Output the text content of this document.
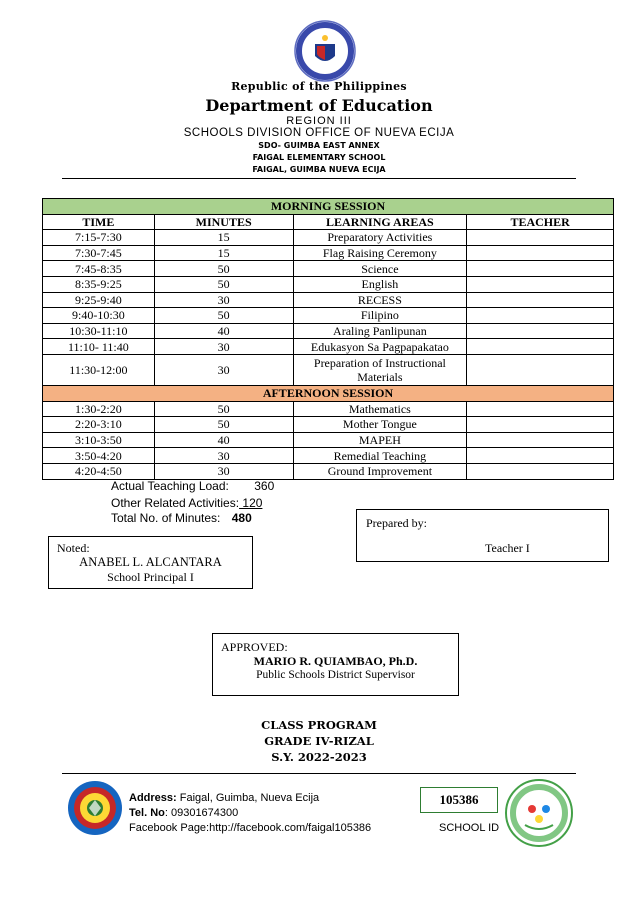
Republic of the Philippines
Department of Education
REGION III
SCHOOLS DIVISION OFFICE OF NUEVA ECIJA
SDO- GUIMBA EAST ANNEX
FAIGAL ELEMENTARY SCHOOL
FAIGAL, GUIMBA NUEVA ECIJA
MORNING SESSION			
TIME	MINUTES	LEARNING AREAS	TEACHER
7:15-7:30	15	Preparatory Activities	
7:30-7:45	15	Flag Raising Ceremony	
7:45-8:35	50	Science	
8:35-9:25	50	English	
9:25-9:40	30	RECESS	
9:40-10:30	50	Filipino	
10:30-11:10	40	Araling Panlipunan	
11:10- 11:40	30	Edukasyon Sa Pagpapakatao	
11:30-12:00	30	Preparation of Instructional Materials	
AFTERNOON SESSION			
1:30-2:20	50	Mathematics	
2:20-3:10	50	Mother Tongue	
3:10-3:50	40	MAPEH	
3:50-4:20	30	Remedial Teaching	
4:20-4:50	30	Ground Improvement	
Actual Teaching Load: 360
Other Related Activities: 120
Total No. of Minutes: 480	Prepared by:
Teacher I
Noted:
ANABEL L. ALCANTARA
School Principal I
APPROVED:
MARIO R. QUIAMBAO, Ph.D.
Public Schools District Supervisor
CLASS PROGRAM
GRADE IV-RIZAL
S.Y. 2022-2023
Address: Faigal, Guimba, Nueva Ecija
Tel. No: 09301674300
Facebook Page:http://facebook.com/faigal105386
105386
SCHOOL ID
